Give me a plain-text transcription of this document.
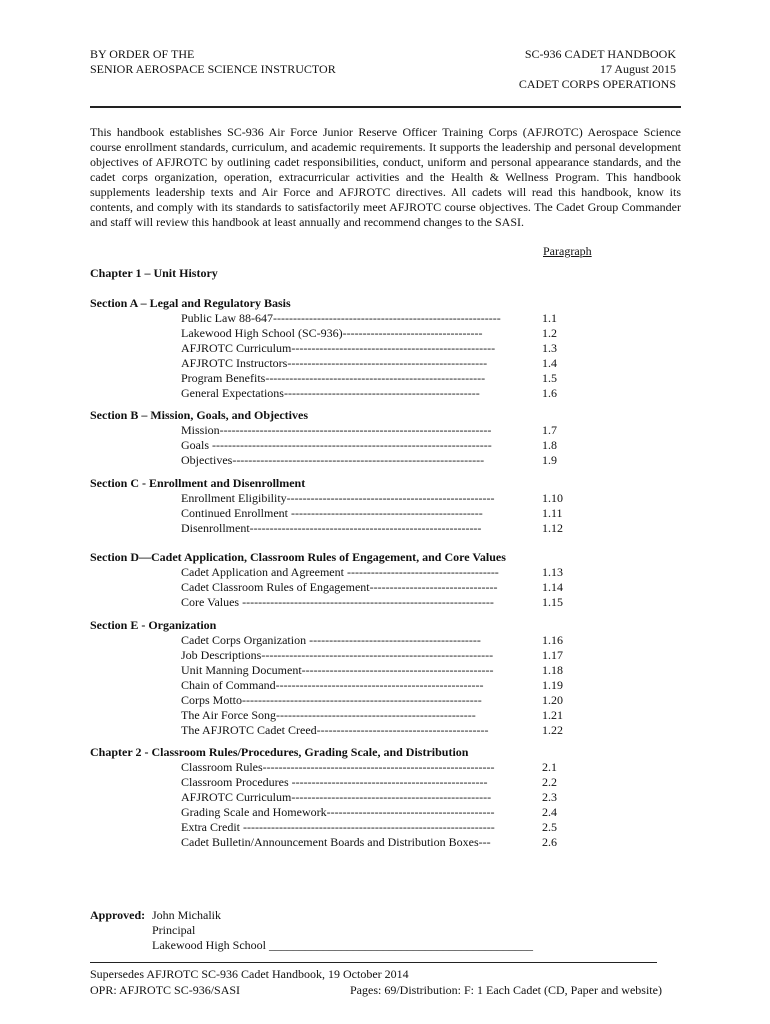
BY ORDER OF THE
SENIOR AEROSPACE SCIENCE INSTRUCTOR
SC-936 CADET HANDBOOK
17 August 2015
CADET CORPS OPERATIONS
This handbook establishes SC-936 Air Force Junior Reserve Officer Training Corps (AFJROTC) Aerospace Science course enrollment standards, curriculum, and academic requirements. It supports the leadership and personal development objectives of AFJROTC by outlining cadet responsibilities, conduct, uniform and personal appearance standards, and the cadet corps organization, operation, extracurricular activities and the Health & Wellness Program. This handbook supplements leadership texts and Air Force and AFJROTC directives. All cadets will read this handbook, know its contents, and comply with its standards to satisfactorily meet AFJROTC course objectives. The Cadet Group Commander and staff will review this handbook at least annually and recommend changes to the SASI.
Paragraph
Chapter 1 – Unit History
Section A – Legal and Regulatory Basis
Public Law 88-647---------------------------------------------------------	1.1
Lakewood High School (SC-936)-----------------------------------	1.2
AFJROTC Curriculum---------------------------------------------------	1.3
AFJROTC Instructors--------------------------------------------------	1.4
Program Benefits-------------------------------------------------------	1.5
General Expectations-------------------------------------------------	1.6
Section B – Mission, Goals, and Objectives
Mission--------------------------------------------------------------------	1.7
Goals ----------------------------------------------------------------------	1.8
Objectives---------------------------------------------------------------	1.9
Section C - Enrollment and Disenrollment
Enrollment Eligibility----------------------------------------------------	1.10
Continued Enrollment ------------------------------------------------	1.11
Disenrollment----------------------------------------------------------	1.12
Section D—Cadet Application, Classroom Rules of Engagement, and Core Values
Cadet Application and Agreement --------------------------------------	1.13
Cadet Classroom Rules of Engagement--------------------------------	1.14
Core Values ---------------------------------------------------------------	1.15
Section E - Organization
Cadet Corps Organization -------------------------------------------	1.16
Job Descriptions----------------------------------------------------------	1.17
Unit Manning Document------------------------------------------------	1.18
Chain of Command----------------------------------------------------	1.19
Corps Motto------------------------------------------------------------	1.20
The Air Force Song--------------------------------------------------	1.21
The AFJROTC Cadet Creed-------------------------------------------	1.22
Chapter 2 - Classroom Rules/Procedures, Grading Scale, and Distribution
Classroom Rules----------------------------------------------------------	2.1
Classroom Procedures -------------------------------------------------	2.2
AFJROTC Curriculum--------------------------------------------------	2.3
Grading Scale and Homework------------------------------------------	2.4
Extra Credit ---------------------------------------------------------------	2.5
Cadet Bulletin/Announcement Boards and Distribution Boxes---	2.6
Approved: John Michalik
Principal
Lakewood High School ____________________________________________
Supersedes AFJROTC SC-936 Cadet Handbook, 19 October 2014
OPR: AFJROTC SC-936/SASI	Pages: 69/Distribution: F: 1 Each Cadet (CD, Paper and website)
